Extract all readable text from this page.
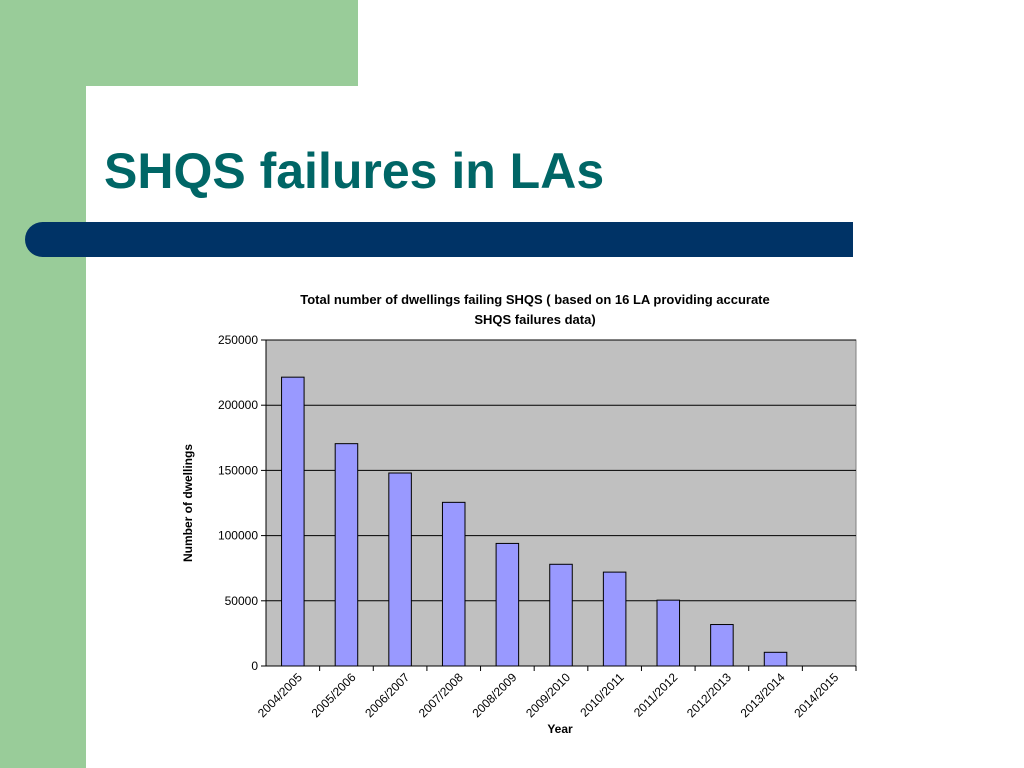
SHQS failures in LAs
Total number of dwellings failing SHQS ( based on 16 LA providing accurate
SHQS failures data)
0
50000
100000
150000
200000
250000
2004/2005 2005/2006 2006/2007 2007/2008 2008/2009 2009/2010 2010/2011 2011/2012 2012/2013 2013/2014 2014/2015
Number of dwellings
Year
